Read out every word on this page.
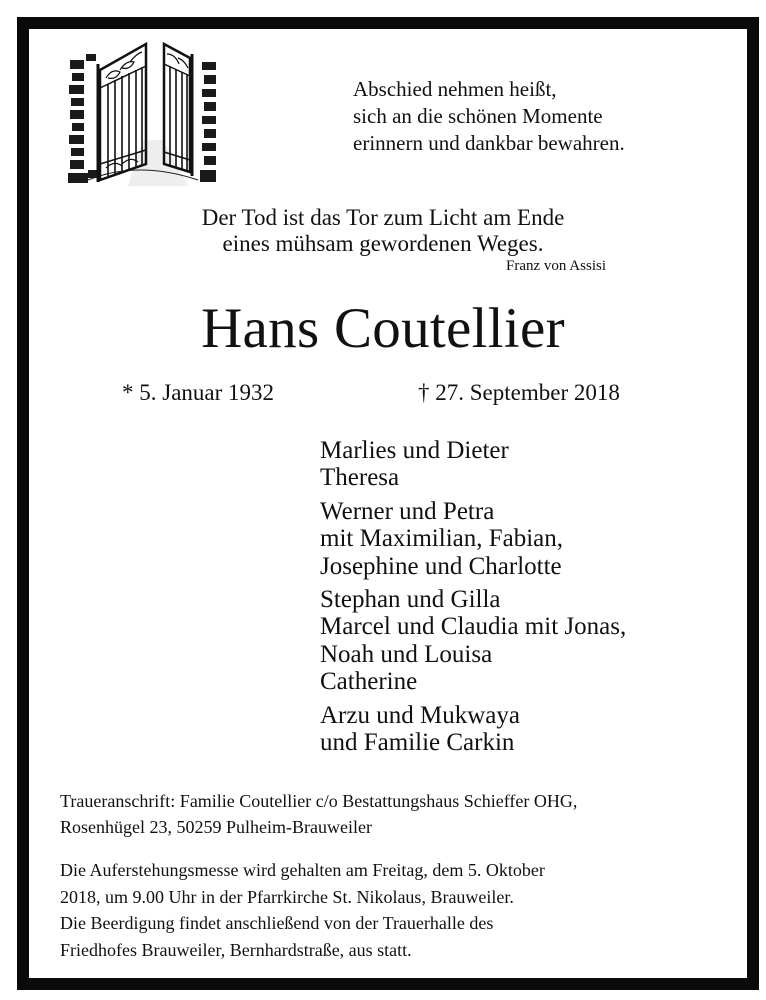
Abschied nehmen heißt,
sich an die schönen Momente
erinnern und dankbar bewahren.
Der Tod ist das Tor zum Licht am Ende
eines mühsam gewordenen Weges.
Franz von Assisi
Hans Coutellier
* 5. Januar 1932	† 27. September 2018
Marlies und Dieter
Theresa
Werner und Petra
mit Maximilian, Fabian,
Josephine und Charlotte
Stephan und Gilla
Marcel und Claudia mit Jonas,
Noah und Louisa
Catherine
Arzu und Mukwaya
und Familie Carkin
Traueranschrift: Familie Coutellier c/o Bestattungshaus Schieffer OHG,
Rosenhügel 23, 50259 Pulheim-Brauweiler
Die Auferstehungsmesse wird gehalten am Freitag, dem 5. Oktober
2018, um 9.00 Uhr in der Pfarrkirche St. Nikolaus, Brauweiler.
Die Beerdigung findet anschließend von der Trauerhalle des
Friedhofes Brauweiler, Bernhardstraße, aus statt.
